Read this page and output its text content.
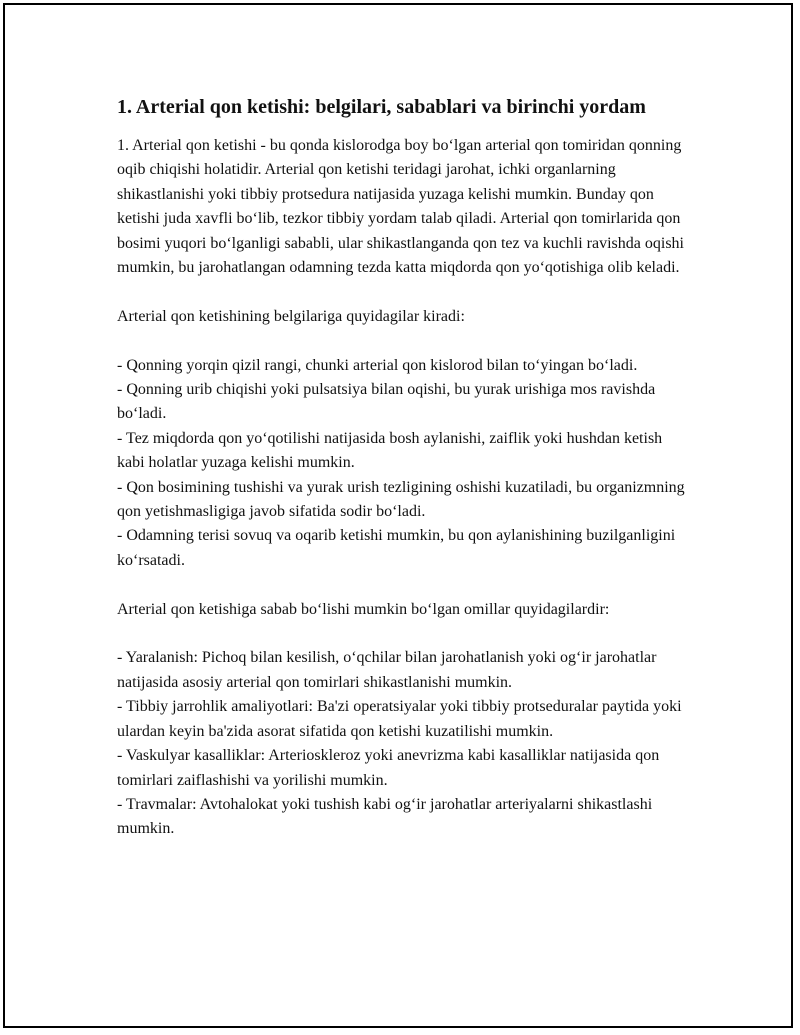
1. Arterial qon ketishi: belgilari, sabablari va birinchi yordam

1. Arterial qon ketishi - bu qonda kislorodga boy bo‘lgan arterial qon tomiridan qonning oqib chiqishi holatidir. Arterial qon ketishi teridagi jarohat, ichki organlarning shikastlanishi yoki tibbiy protsedura natijasida yuzaga kelishi mumkin. Bunday qon ketishi juda xavfli bo‘lib, tezkor tibbiy yordam talab qiladi. Arterial qon tomirlarida qon bosimi yuqori bo‘lganligi sababli, ular shikastlanganda qon tez va kuchli ravishda oqishi mumkin, bu jarohatlangan odamning tezda katta miqdorda qon yo‘qotishiga olib keladi.

Arterial qon ketishining belgilariga quyidagilar kiradi:

- Qonning yorqin qizil rangi, chunki arterial qon kislorod bilan to‘yingan bo‘ladi.

- Qonning urib chiqishi yoki pulsatsiya bilan oqishi, bu yurak urishiga mos ravishda bo‘ladi.

- Tez miqdorda qon yo‘qotilishi natijasida bosh aylanishi, zaiflik yoki hushdan ketish kabi holatlar yuzaga kelishi mumkin.

- Qon bosimining tushishi va yurak urish tezligining oshishi kuzatiladi, bu organizmning qon yetishmasligiga javob sifatida sodir bo‘ladi.

- Odamning terisi sovuq va oqarib ketishi mumkin, bu qon aylanishining buzilganligini ko‘rsatadi.

Arterial qon ketishiga sabab bo‘lishi mumkin bo‘lgan omillar quyidagilardir:

- Yaralanish: Pichoq bilan kesilish, o‘qchilar bilan jarohatlanish yoki og‘ir jarohatlar natijasida asosiy arterial qon tomirlari shikastlanishi mumkin.

- Tibbiy jarrohlik amaliyotlari: Ba'zi operatsiyalar yoki tibbiy protseduralar paytida yoki ulardan keyin ba'zida asorat sifatida qon ketishi kuzatilishi mumkin.

- Vaskulyar kasalliklar: Arterioskleroz yoki anevrizma kabi kasalliklar natijasida qon tomirlari zaiflashishi va yorilishi mumkin.

- Travmalar: Avtohalokat yoki tushish kabi og‘ir jarohatlar arteriyalarni shikastlashi mumkin.
